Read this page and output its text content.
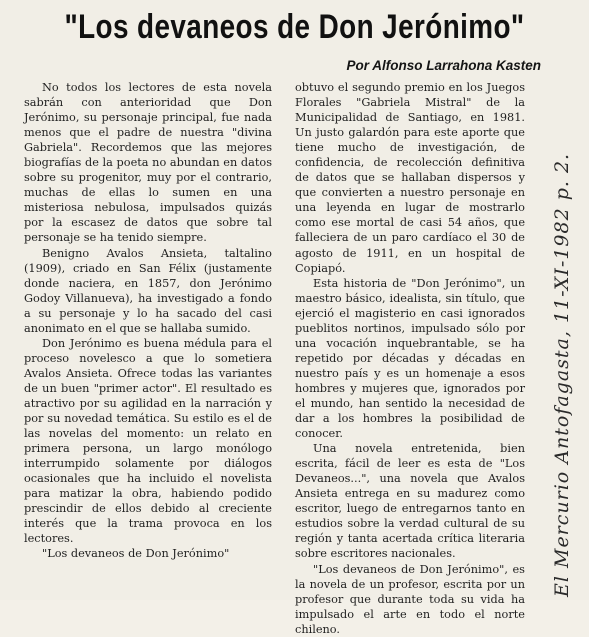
"Los devaneos de Don Jerónimo"
Por Alfonso Larrahona Kasten

No todos los lectores de esta novela sabrán con anterioridad que Don Jerónimo, su personaje principal, fue nada menos que el padre de nuestra "divina Gabriela". Recordemos que las mejores biografías de la poeta no abundan en datos sobre su progenitor, muy por el contrario, muchas de ellas lo sumen en una misteriosa nebulosa, impulsados quizás por la escasez de datos que sobre tal personaje se ha tenido siempre.

Benigno Avalos Ansieta, taltalino (1909), criado en San Félix (justamente donde naciera, en 1857, don Jerónimo Godoy Villanueva), ha investigado a fondo a su personaje y lo ha sacado del casi anonimato en el que se hallaba sumido.

Don Jerónimo es buena médula para el proceso novelesco a que lo sometiera Avalos Ansieta. Ofrece todas las variantes de un buen "primer actor". El resultado es atractivo por su agilidad en la narración y por su novedad temática. Su estilo es el de las novelas del momento: un relato en primera persona, un largo monólogo interrumpido solamente por diálogos ocasionales que ha incluido el novelista para matizar la obra, habiendo podido prescindir de ellos debido al creciente interés que la trama provoca en los lectores.

"Los devaneos de Don Jerónimo"

obtuvo el segundo premio en los Juegos Florales "Gabriela Mistral" de la Municipalidad de Santiago, en 1981. Un justo galardón para este aporte que tiene mucho de investigación, de confidencia, de recolección definitiva de datos que se hallaban dispersos y que convierten a nuestro personaje en una leyenda en lugar de mostrarlo como ese mortal de casi 54 años, que falleciera de un paro cardíaco el 30 de agosto de 1911, en un hospital de Copiapó.

Esta historia de "Don Jerónimo", un maestro básico, idealista, sin título, que ejerció el magisterio en casi ignorados pueblitos nortinos, impulsado sólo por una vocación inquebrantable, se ha repetido por décadas y décadas en nuestro país y es un homenaje a esos hombres y mujeres que, ignorados por el mundo, han sentido la necesidad de dar a los hombres la posibilidad de conocer.

Una novela entretenida, bien escrita, fácil de leer es esta de "Los Devaneos...", una novela que Avalos Ansieta entrega en su madurez como escritor, luego de entregarnos tanto en estudios sobre la verdad cultural de su región y tanta acertada crítica literaria sobre escritores nacionales.

"Los devaneos de Don Jerónimo", es la novela de un profesor, escrita por un profesor que durante toda su vida ha impulsado el arte en todo el norte chileno.

El Mercurio Antofagasta, 11-XI-1982 p. 2.
